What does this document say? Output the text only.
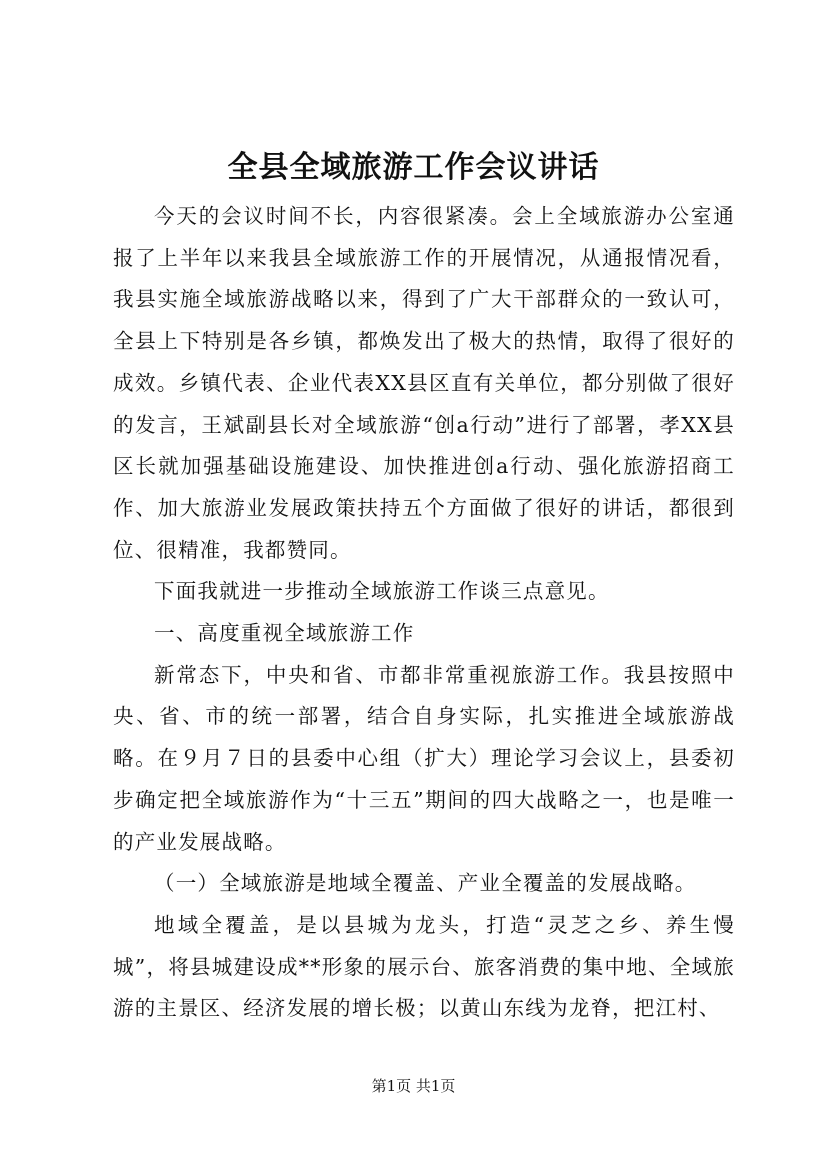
全县全域旅游工作会议讲话

今天的会议时间不长，内容很紧凑。会上全域旅游办公室通报了上半年以来我县全域旅游工作的开展情况，从通报情况看，我县实施全域旅游战略以来，得到了广大干部群众的一致认可，全县上下特别是各乡镇，都焕发出了极大的热情，取得了很好的成效。乡镇代表、企业代表XX县区直有关单位，都分别做了很好的发言，王斌副县长对全域旅游“创a行动”进行了部署，孝XX县区长就加强基础设施建设、加快推进创a行动、强化旅游招商工作、加大旅游业发展政策扶持五个方面做了很好的讲话，都很到位、很精准，我都赞同。

下面我就进一步推动全域旅游工作谈三点意见。

一、高度重视全域旅游工作

新常态下，中央和省、市都非常重视旅游工作。我县按照中央、省、市的统一部署，结合自身实际，扎实推进全域旅游战略。在９月７日的县委中心组（扩大）理论学习会议上，县委初步确定把全域旅游作为“十三五”期间的四大战略之一，也是唯一的产业发展战略。

（一）全域旅游是地域全覆盖、产业全覆盖的发展战略。

地域全覆盖，是以县城为龙头，打造“灵芝之乡、养生慢城”，将县城建设成**形象的展示台、旅客消费的集中地、全域旅游的主景区、经济发展的增长极；以黄山东线为龙脊，把江村、

第1页 共1页
